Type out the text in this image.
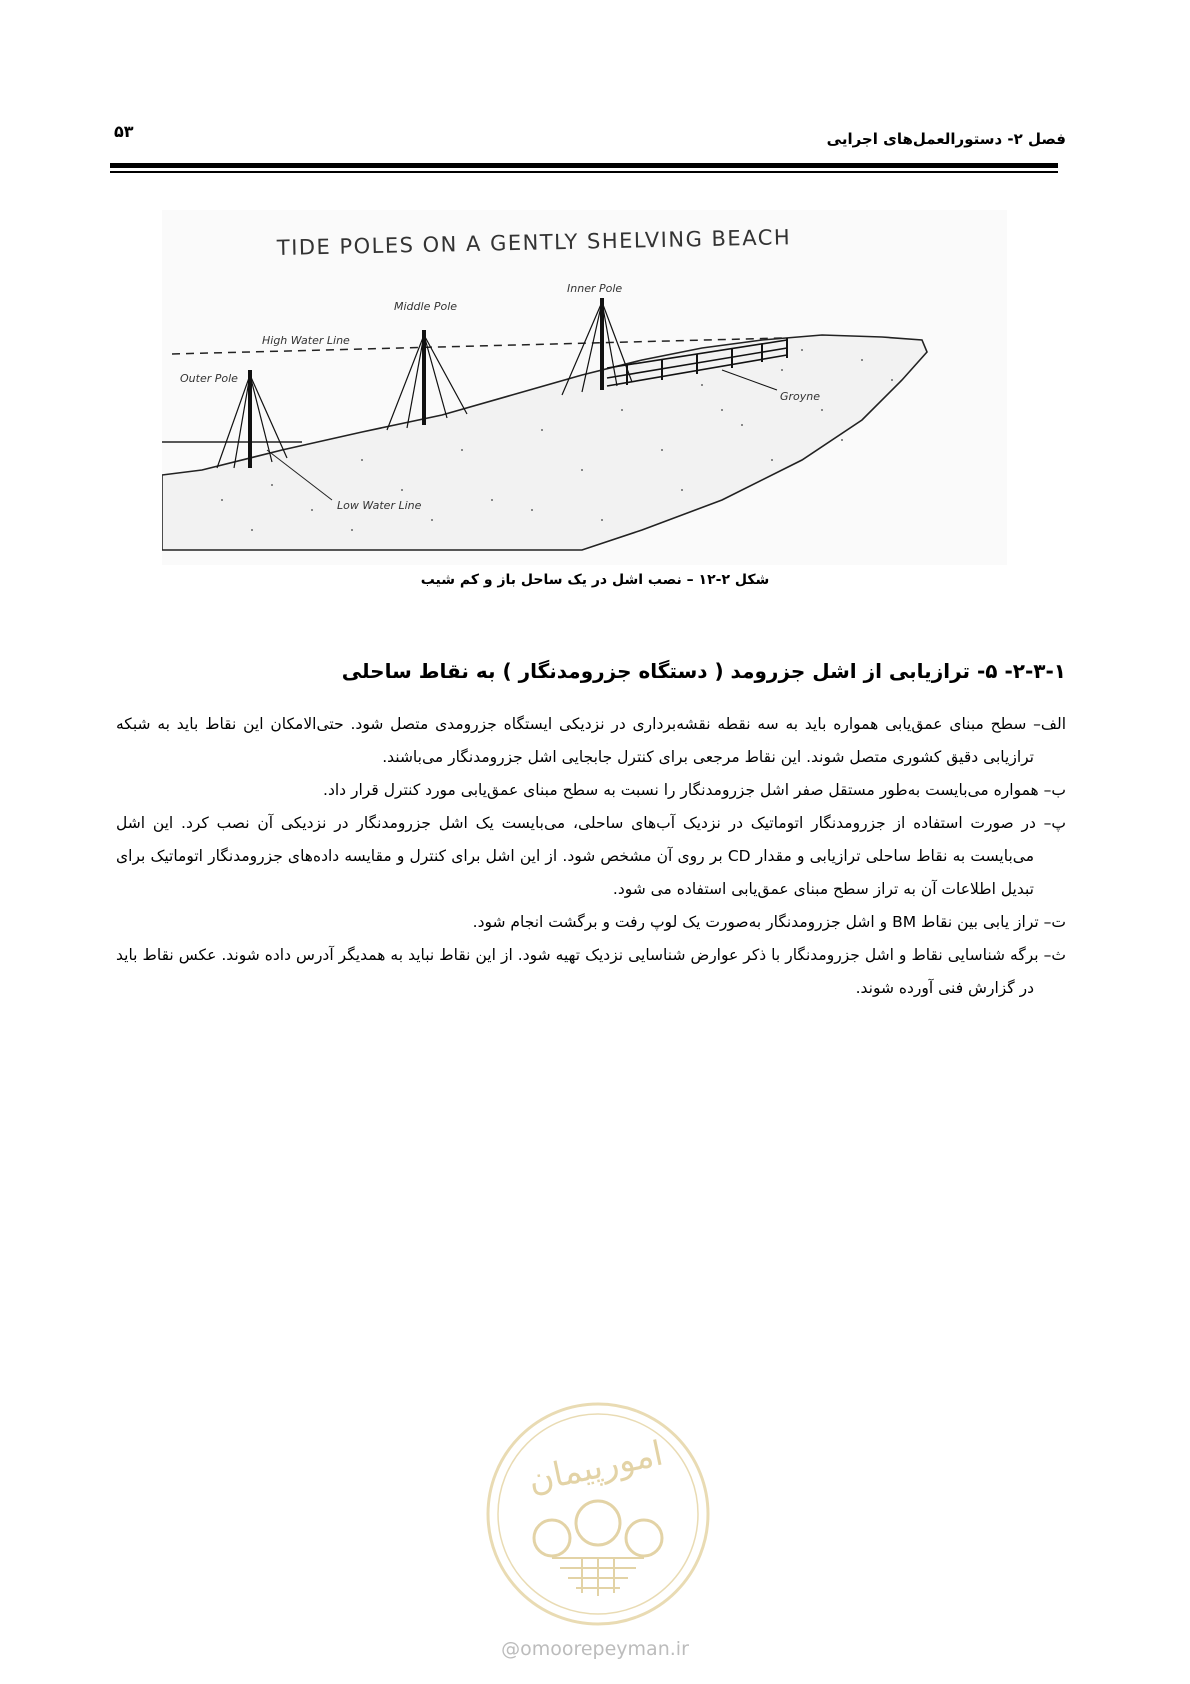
فصل ۲- دستورالعمل‌های اجرایی
۵۳
TIDE POLES ON A GENTLY SHELVING BEACH
High Water Line
Low Water Line
Outer Pole
Middle Pole
Inner Pole
Groyne
شکل ۲-۱۲ – نصب اشل در یک ساحل باز و کم شیب
۲-۳-۱- ۵- ترازیابی از اشل جزرومد ( دستگاه جزرومدنگار ) به نقاط ساحلی

الف– سطح مبنای عمق‌یابی همواره باید به سه نقطه نقشه‌برداری در نزدیکی ایستگاه جزرومدی متصل شود. حتی‌الامکان این نقاط باید به شبکه ترازیابی دقیق کشوری متصل شوند. این نقاط مرجعی برای کنترل جابجایی اشل جزرومدنگار می‌باشند.

ب– همواره می‌بایست به‌طور مستقل صفر اشل جزرومدنگار را نسبت به سطح مبنای عمق‌یابی مورد کنترل قرار داد.

پ– در صورت استفاده از جزرومدنگار اتوماتیک در نزدیک آب‌های ساحلی، می‌بایست یک اشل جزرومدنگار در نزدیکی آن نصب کرد. این اشل می‌بایست به نقاط ساحلی ترازیابی و مقدار CD بر روی آن مشخص شود. از این اشل برای کنترل و مقایسه داده‌های جزرومدنگار اتوماتیک برای تبدیل اطلاعات آن به تراز سطح مبنای عمق‌یابی استفاده می شود.

ت– تراز یابی بین نقاط BM و اشل جزرومدنگار به‌صورت یک لوپ رفت و برگشت انجام شود.

ث– برگه شناسایی نقاط و اشل جزرومدنگار با ذکر عوارض شناسایی نزدیک تهیه شود. از این نقاط نباید به همدیگر آدرس داده شوند. عکس نقاط باید در گزارش فنی آورده شوند.

امورپیمان
@​omoorepeyman.ir
